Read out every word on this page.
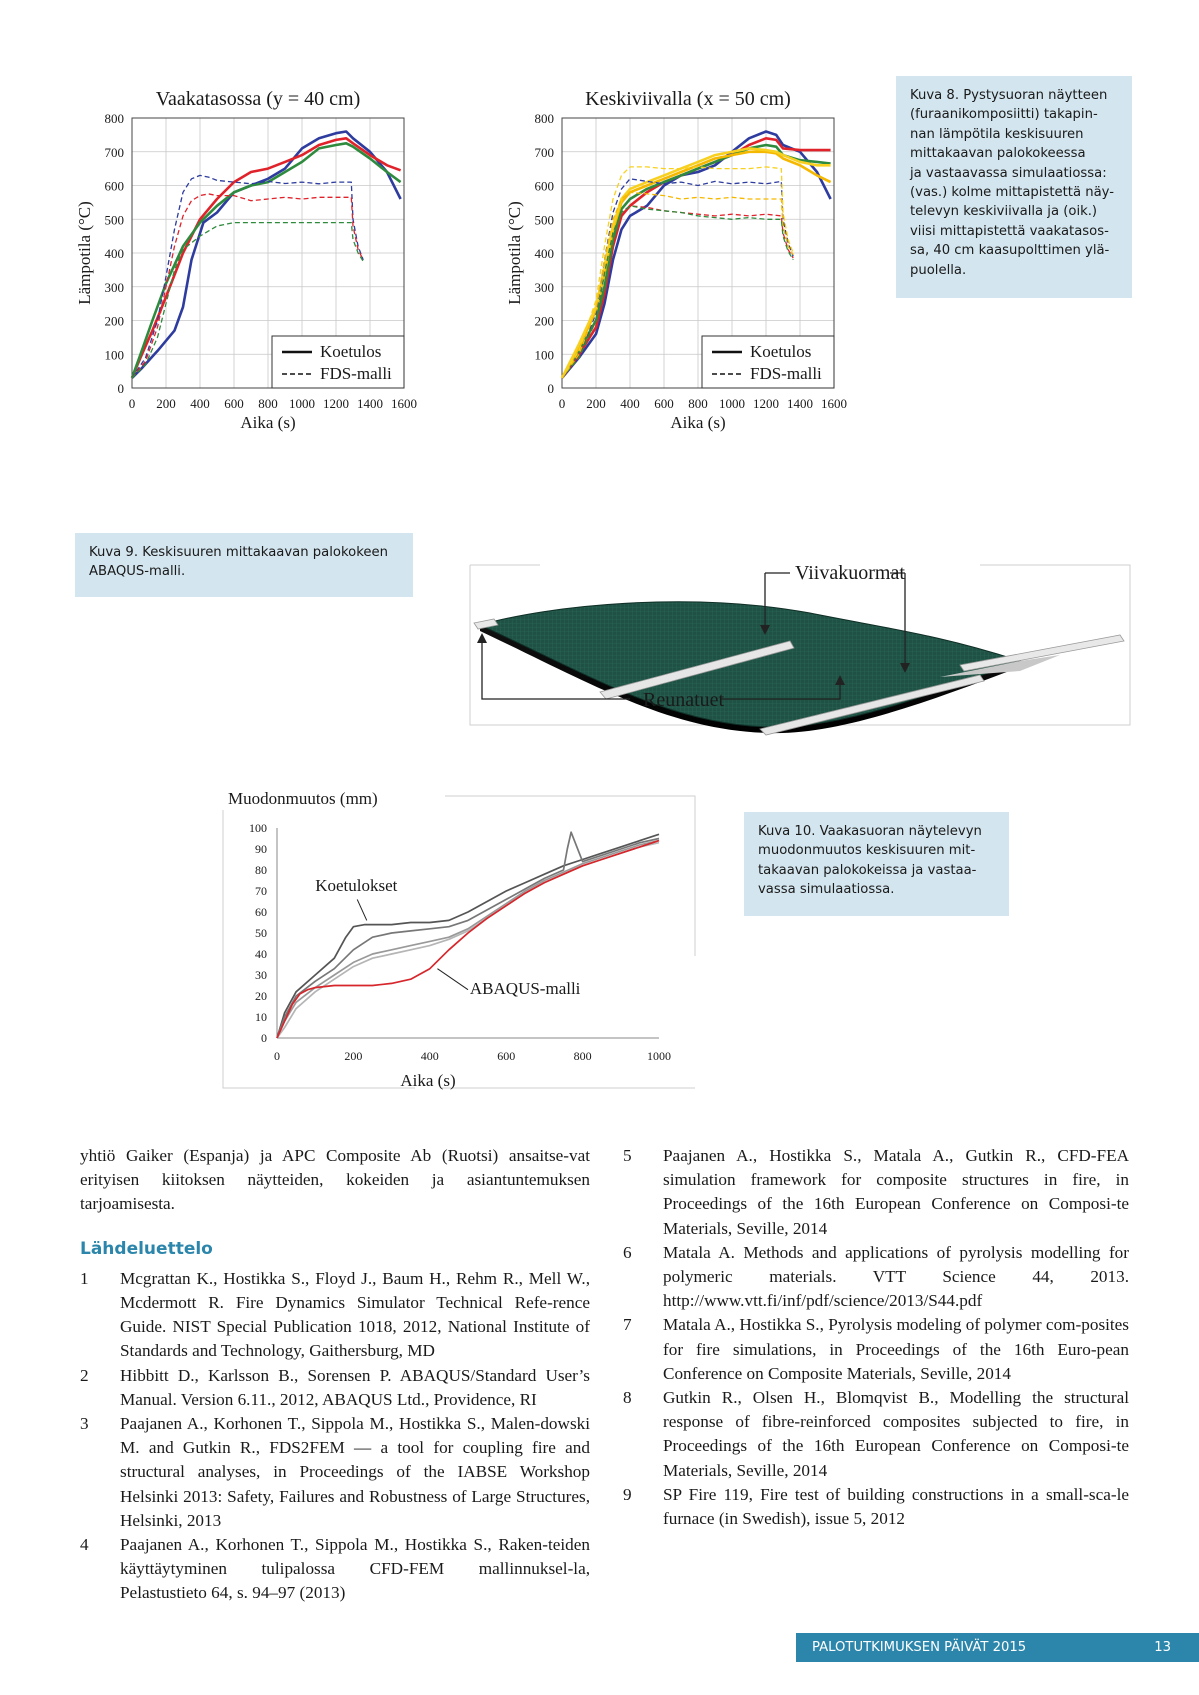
Vaakatasossa (y = 40 cm)
0
100
200
300
400
500
600
700
800
0 200 400 600 800 1000 1200 1400 1600
Aika (s)
Lämpotila (°C)
Koetulos
FDS-malli
Keskiviivalla (x = 50 cm)
0
100
200
300
400
500
600
700
800
0 200 400 600 800 1000 1200 1400 1600
Aika (s)
Lämpotila (°C)
Koetulos
FDS-malli
Kuva 8. Pystysuoran näytteen
(furaanikomposiitti) takapin-
nan lämpötila keskisuuren
mittakaavan palokokeessa
ja vastaavassa simulaatiossa:
(vas.) kolme mittapistettä näy-
televyn keskiviivalla ja (oik.)
viisi mittapistettä vaakatasos-
sa, 40 cm kaasupolttimen ylä-
puolella.
Kuva 9. Keskisuuren mittakaavan palokokeen
ABAQUS-malli.	Viivakuormat
Reunatuet
Muodonmuutos (mm)
0
10
20
30
40
50
60
70
80
90
100
0	200	400	600	800	1000
Aika (s)
Koetulokset
ABAQUS-malli
Kuva 10. Vaakasuoran näytelevyn
muodonmuutos keskisuuren mit-
takaavan palokokeissa ja vastaa-
vassa simulaatiossa.

yhtiö Gaiker (Espanja) ja APC Composite Ab (Ruotsi) ansaitse-vat erityisen kiitoksen näytteiden, kokeiden ja asiantuntemuksen tarjoamisesta.

Lähdeluettelo
1 Mcgrattan K., Hostikka S., Floyd J., Baum H., Rehm R., Mell W., Mcdermott R. Fire Dynamics Simulator Technical Refe-rence Guide. NIST Special Publication 1018, 2012, National Institute of Standards and Technology, Gaithersburg, MD
2 Hibbitt D., Karlsson B., Sorensen P. ABAQUS/Standard User’s Manual. Version 6.11., 2012, ABAQUS Ltd., Providence, RI
3 Paajanen A., Korhonen T., Sippola M., Hostikka S., Malen-dowski M. and Gutkin R., FDS2FEM — a tool for coupling fire and structural analyses, in Proceedings of the IABSE Workshop Helsinki 2013: Safety, Failures and Robustness of Large Structures, Helsinki, 2013
4 Paajanen A., Korhonen T., Sippola M., Hostikka S., Raken-teiden käyttäytyminen tulipalossa CFD-FEM mallinnuksel-la, Pelastustieto 64, s. 94–97 (2013)
5 Paajanen A., Hostikka S., Matala A., Gutkin R., CFD-FEA simulation framework for composite structures in fire, in Proceedings of the 16th European Conference on Composi-te Materials, Seville, 2014
6 Matala A. Methods and applications of pyrolysis modelling for polymeric materials. VTT Science 44, 2013. http://www.vtt.fi/inf/pdf/science/2013/S44.pdf
7 Matala A., Hostikka S., Pyrolysis modeling of polymer com-posites for fire simulations, in Proceedings of the 16th Euro-pean Conference on Composite Materials, Seville, 2014
8 Gutkin R., Olsen H., Blomqvist B., Modelling the structural response of fibre-reinforced composites subjected to fire, in Proceedings of the 16th European Conference on Composi-te Materials, Seville, 2014
9 SP Fire 119, Fire test of building constructions in a small-sca-le furnace (in Swedish), issue 5, 2012
PALOTUTKIMUKSEN PÄIVÄT 2015	13
